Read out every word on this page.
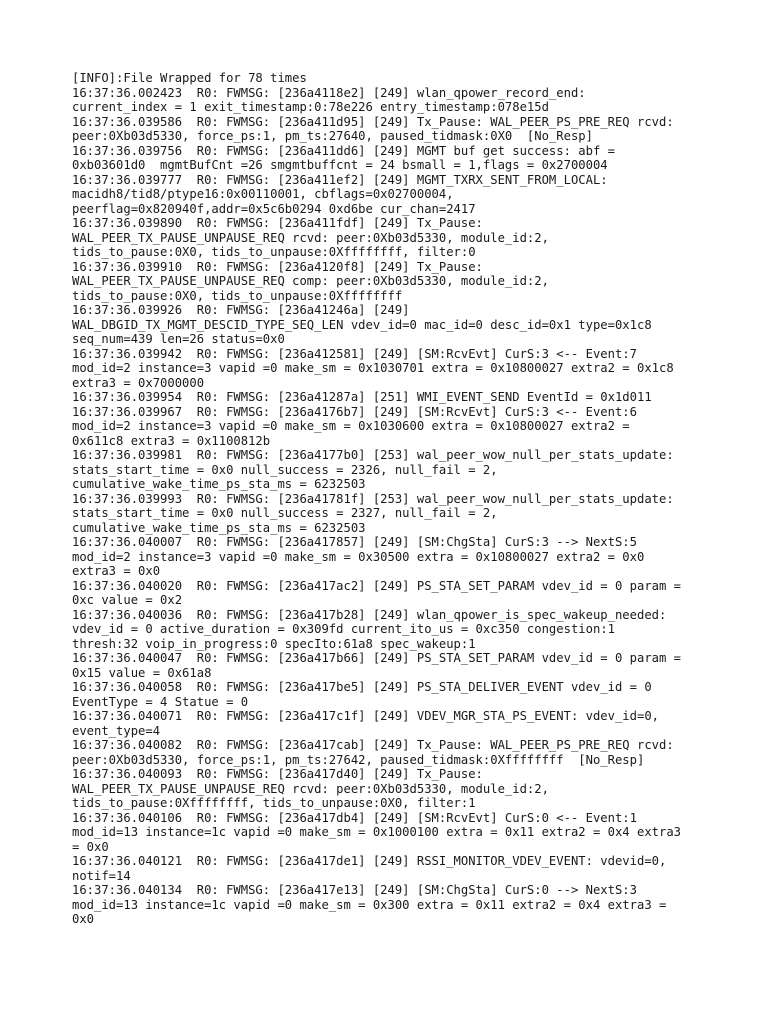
[INFO]:File Wrapped for 78 times
16:37:36.002423  R0: FWMSG: [236a4118e2] [249] wlan_qpower_record_end:
current_index = 1 exit_timestamp:0:78e226 entry_timestamp:078e15d
16:37:36.039586  R0: FWMSG: [236a411d95] [249] Tx_Pause: WAL_PEER_PS_PRE_REQ rcvd:
peer:0Xb03d5330, force_ps:1, pm_ts:27640, paused_tidmask:0X0  [No_Resp]
16:37:36.039756  R0: FWMSG: [236a411dd6] [249] MGMT buf get success: abf =
0xb03601d0  mgmtBufCnt =26 smgmtbuffcnt = 24 bsmall = 1,flags = 0x2700004
16:37:36.039777  R0: FWMSG: [236a411ef2] [249] MGMT_TXRX_SENT_FROM_LOCAL:
macidh8/tid8/ptype16:0x00110001, cbflags=0x02700004,
peerflag=0x820940f,addr=0x5c6b0294 0xd6be cur_chan=2417
16:37:36.039890  R0: FWMSG: [236a411fdf] [249] Tx_Pause:
WAL_PEER_TX_PAUSE_UNPAUSE_REQ rcvd: peer:0Xb03d5330, module_id:2,
tids_to_pause:0X0, tids_to_unpause:0Xffffffff, filter:0
16:37:36.039910  R0: FWMSG: [236a4120f8] [249] Tx_Pause:
WAL_PEER_TX_PAUSE_UNPAUSE_REQ comp: peer:0Xb03d5330, module_id:2,
tids_to_pause:0X0, tids_to_unpause:0Xffffffff
16:37:36.039926  R0: FWMSG: [236a41246a] [249]
WAL_DBGID_TX_MGMT_DESCID_TYPE_SEQ_LEN vdev_id=0 mac_id=0 desc_id=0x1 type=0x1c8
seq_num=439 len=26 status=0x0
16:37:36.039942  R0: FWMSG: [236a412581] [249] [SM:RcvEvt] CurS:3 <-- Event:7
mod_id=2 instance=3 vapid =0 make_sm = 0x1030701 extra = 0x10800027 extra2 = 0x1c8
extra3 = 0x7000000
16:37:36.039954  R0: FWMSG: [236a41287a] [251] WMI_EVENT_SEND EventId = 0x1d011
16:37:36.039967  R0: FWMSG: [236a4176b7] [249] [SM:RcvEvt] CurS:3 <-- Event:6
mod_id=2 instance=3 vapid =0 make_sm = 0x1030600 extra = 0x10800027 extra2 =
0x611c8 extra3 = 0x1100812b
16:37:36.039981  R0: FWMSG: [236a4177b0] [253] wal_peer_wow_null_per_stats_update:
stats_start_time = 0x0 null_success = 2326, null_fail = 2,
cumulative_wake_time_ps_sta_ms = 6232503
16:37:36.039993  R0: FWMSG: [236a41781f] [253] wal_peer_wow_null_per_stats_update:
stats_start_time = 0x0 null_success = 2327, null_fail = 2,
cumulative_wake_time_ps_sta_ms = 6232503
16:37:36.040007  R0: FWMSG: [236a417857] [249] [SM:ChgSta] CurS:3 --> NextS:5
mod_id=2 instance=3 vapid =0 make_sm = 0x30500 extra = 0x10800027 extra2 = 0x0
extra3 = 0x0
16:37:36.040020  R0: FWMSG: [236a417ac2] [249] PS_STA_SET_PARAM vdev_id = 0 param =
0xc value = 0x2
16:37:36.040036  R0: FWMSG: [236a417b28] [249] wlan_qpower_is_spec_wakeup_needed:
vdev_id = 0 active_duration = 0x309fd current_ito_us = 0xc350 congestion:1
thresh:32 voip_in_progress:0 specIto:61a8 spec_wakeup:1
16:37:36.040047  R0: FWMSG: [236a417b66] [249] PS_STA_SET_PARAM vdev_id = 0 param =
0x15 value = 0x61a8
16:37:36.040058  R0: FWMSG: [236a417be5] [249] PS_STA_DELIVER_EVENT vdev_id = 0
EventType = 4 Statue = 0
16:37:36.040071  R0: FWMSG: [236a417c1f] [249] VDEV_MGR_STA_PS_EVENT: vdev_id=0,
event_type=4
16:37:36.040082  R0: FWMSG: [236a417cab] [249] Tx_Pause: WAL_PEER_PS_PRE_REQ rcvd:
peer:0Xb03d5330, force_ps:1, pm_ts:27642, paused_tidmask:0Xffffffff  [No_Resp]
16:37:36.040093  R0: FWMSG: [236a417d40] [249] Tx_Pause:
WAL_PEER_TX_PAUSE_UNPAUSE_REQ rcvd: peer:0Xb03d5330, module_id:2,
tids_to_pause:0Xffffffff, tids_to_unpause:0X0, filter:1
16:37:36.040106  R0: FWMSG: [236a417db4] [249] [SM:RcvEvt] CurS:0 <-- Event:1
mod_id=13 instance=1c vapid =0 make_sm = 0x1000100 extra = 0x11 extra2 = 0x4 extra3
= 0x0
16:37:36.040121  R0: FWMSG: [236a417de1] [249] RSSI_MONITOR_VDEV_EVENT: vdevid=0,
notif=14
16:37:36.040134  R0: FWMSG: [236a417e13] [249] [SM:ChgSta] CurS:0 --> NextS:3
mod_id=13 instance=1c vapid =0 make_sm = 0x300 extra = 0x11 extra2 = 0x4 extra3 =
0x0
